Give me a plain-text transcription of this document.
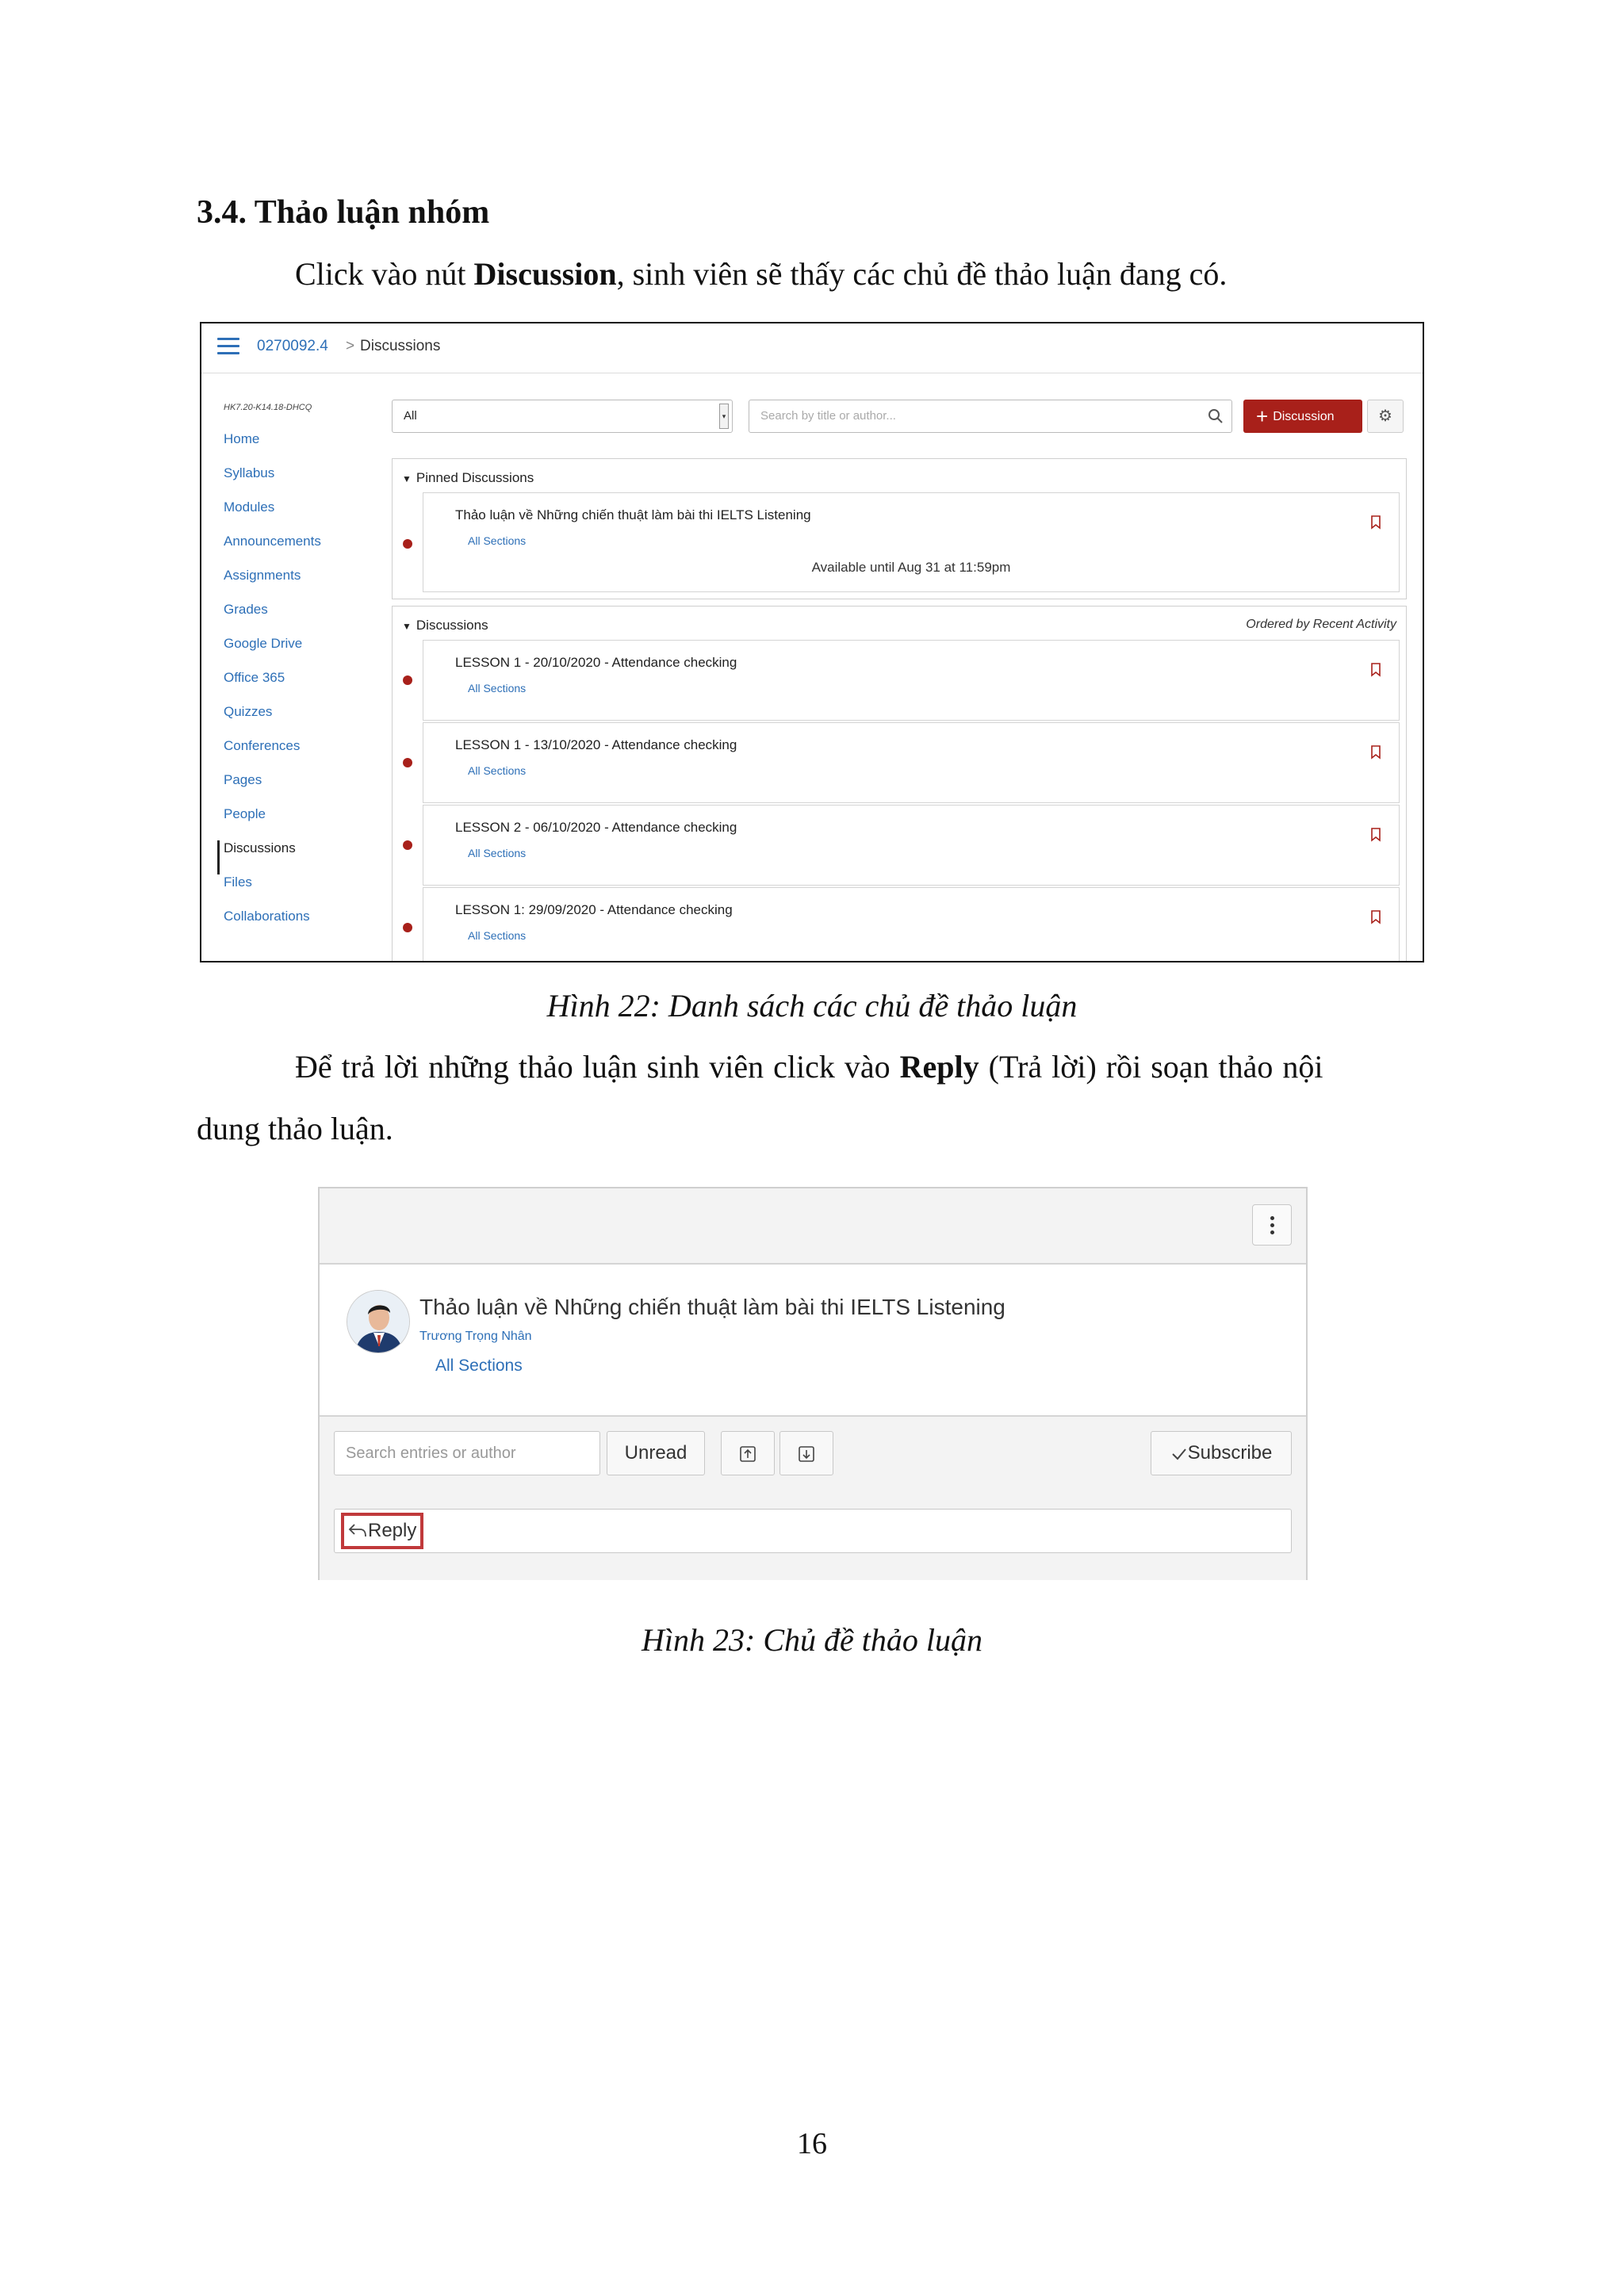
3.4. Thảo luận nhóm
Click vào nút Discussion, sinh viên sẽ thấy các chủ đề thảo luận đang có.
0270092.4 > Discussions
HK7.20-K14.18-DHCQ
Home
Syllabus
Modules
Announcements
Assignments
Grades
Google Drive
Office 365
Quizzes
Conferences
Pages
People
Discussions
Files
Collaborations
All	▾	Search by title or author...	+ Discussion	⚙
▼ Pinned Discussions
Thảo luận về Những chiến thuật làm bài thi IELTS Listening
All Sections
Available until Aug 31 at 11:59pm
▼ Discussions	Ordered by Recent Activity
LESSON 1 - 20/10/2020 - Attendance checking
All Sections
LESSON 1 - 13/10/2020 - Attendance checking
All Sections
LESSON 2 - 06/10/2020 - Attendance checking
All Sections
LESSON 1: 29/09/2020 - Attendance checking
All Sections
Hình 22: Danh sách các chủ đề thảo luận
Để trả lời những thảo luận sinh viên click vào Reply (Trả lời) rồi soạn thảo nội
dung thảo luận.
Thảo luận về Những chiến thuật làm bài thi IELTS Listening
Trương Trọng Nhân
All Sections
Search entries or author	Unread	Subscribe
Reply
Hình 23: Chủ đề thảo luận
16
